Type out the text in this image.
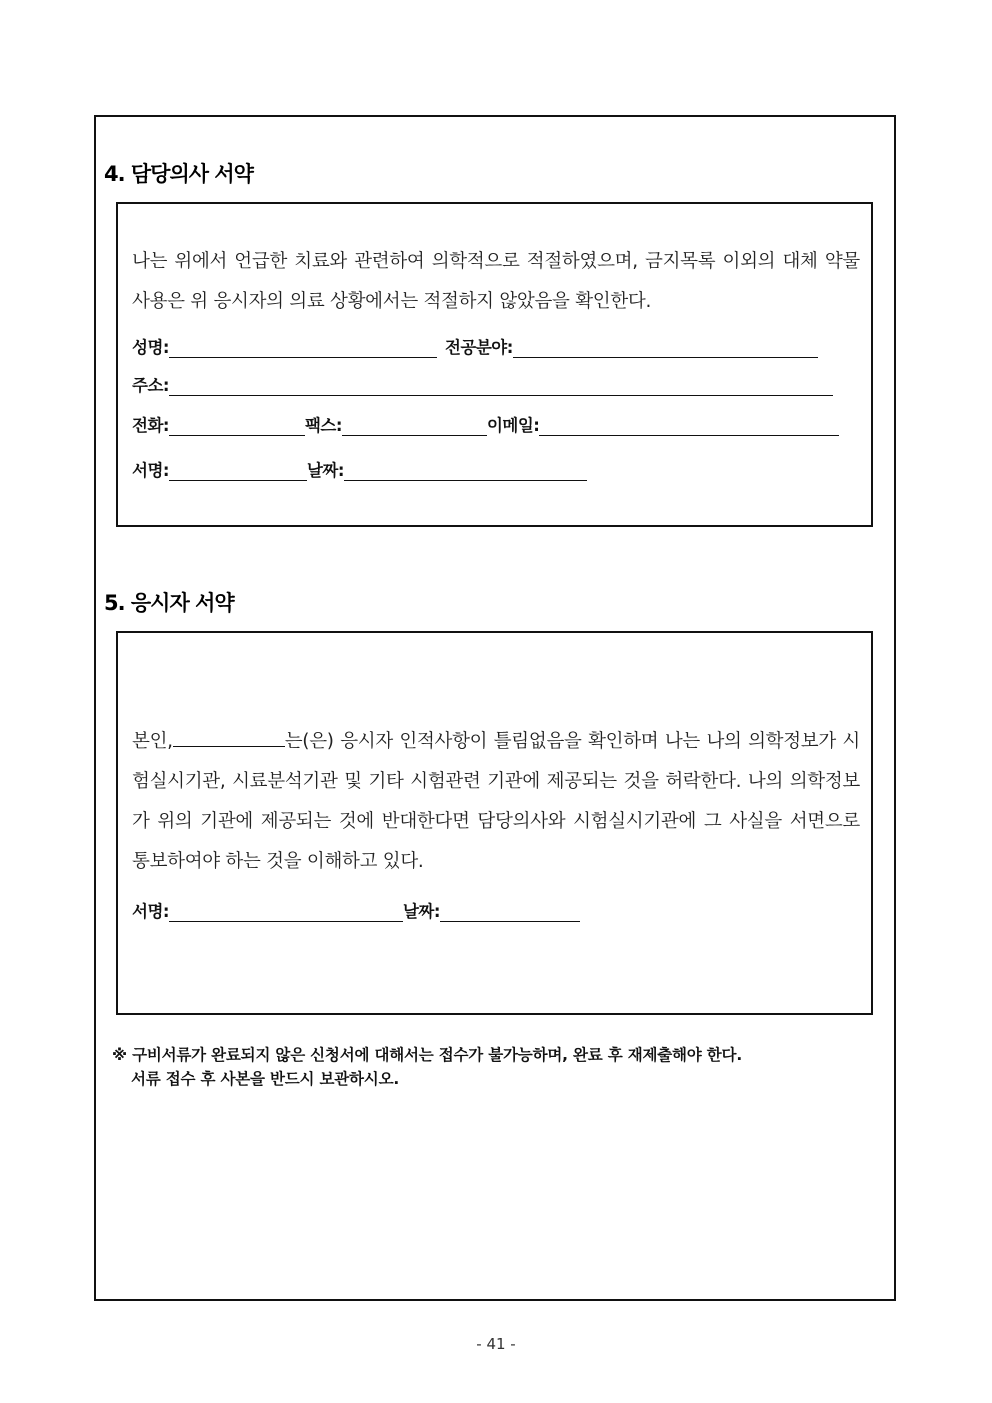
4. 담당의사 서약
나는 위에서 언급한 치료와 관련하여 의학적으로 적절하였으며, 금지목록 이외의 대체 약물 사용은 위 응시자의 의료 상황에서는 적절하지 않았음을 확인한다.
성명:	전공분야:
주소:
전화:	팩스:	이메일:
서명:	날짜:
5. 응시자 서약
본인,	는(은) 응시자 인적사항이 틀림없음을 확인하며 나는 나의 의학정보가 시험실시기관, 시료분석기관 및 기타 시험관련 기관에 제공되는 것을 허락한다. 나의 의학정보가 위의 기관에 제공되는 것에 반대한다면 담당의사와 시험실시기관에 그 사실을 서면으로 통보하여야 하는 것을 이해하고 있다.
서명:	날짜:
※ 구비서류가 완료되지 않은 신청서에 대해서는 접수가 불가능하며, 완료 후 재제출해야 한다.
서류 접수 후 사본을 반드시 보관하시오.
- 41 -
